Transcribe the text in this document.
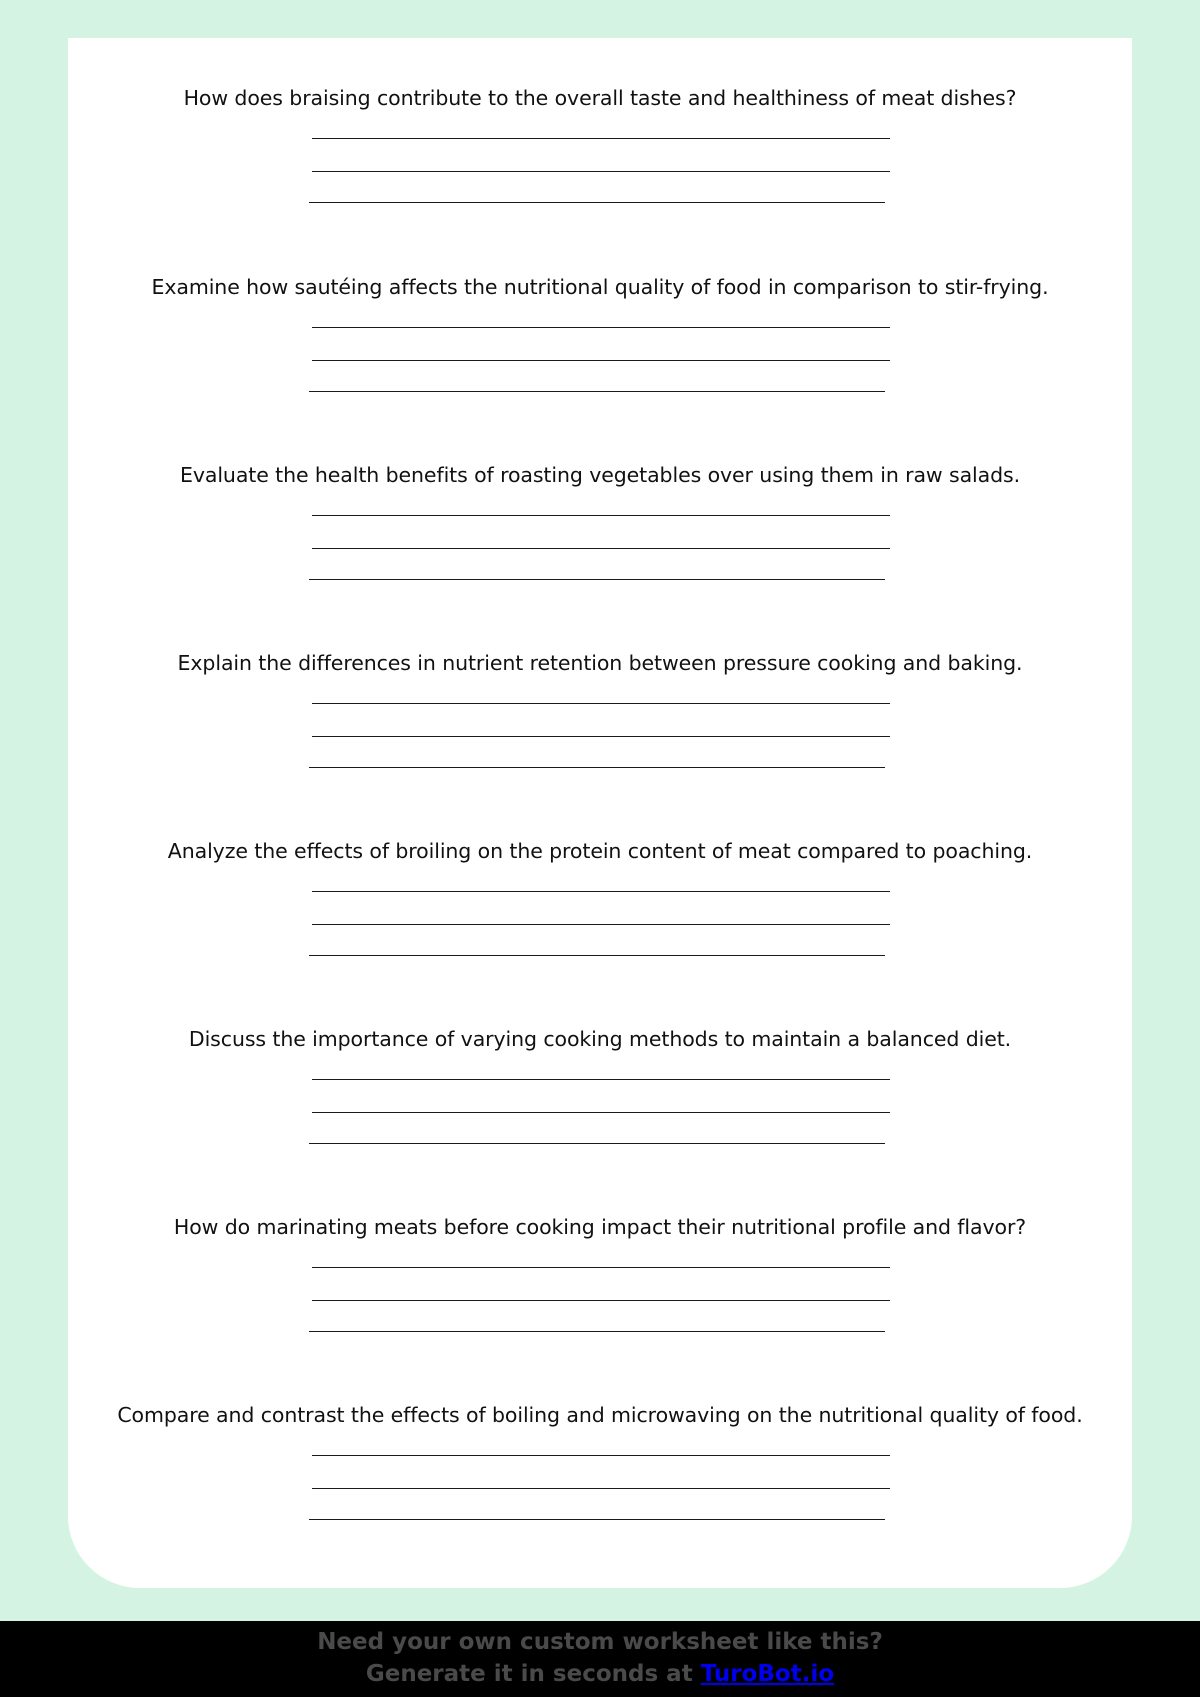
How does braising contribute to the overall taste and healthiness of meat dishes?
Examine how sautéing affects the nutritional quality of food in comparison to stir-frying.
Evaluate the health benefits of roasting vegetables over using them in raw salads.
Explain the differences in nutrient retention between pressure cooking and baking.
Analyze the effects of broiling on the protein content of meat compared to poaching.
Discuss the importance of varying cooking methods to maintain a balanced diet.
How do marinating meats before cooking impact their nutritional profile and flavor?
Compare and contrast the effects of boiling and microwaving on the nutritional quality of food.
Need your own custom worksheet like this?
Generate it in seconds at TuroBot.io
